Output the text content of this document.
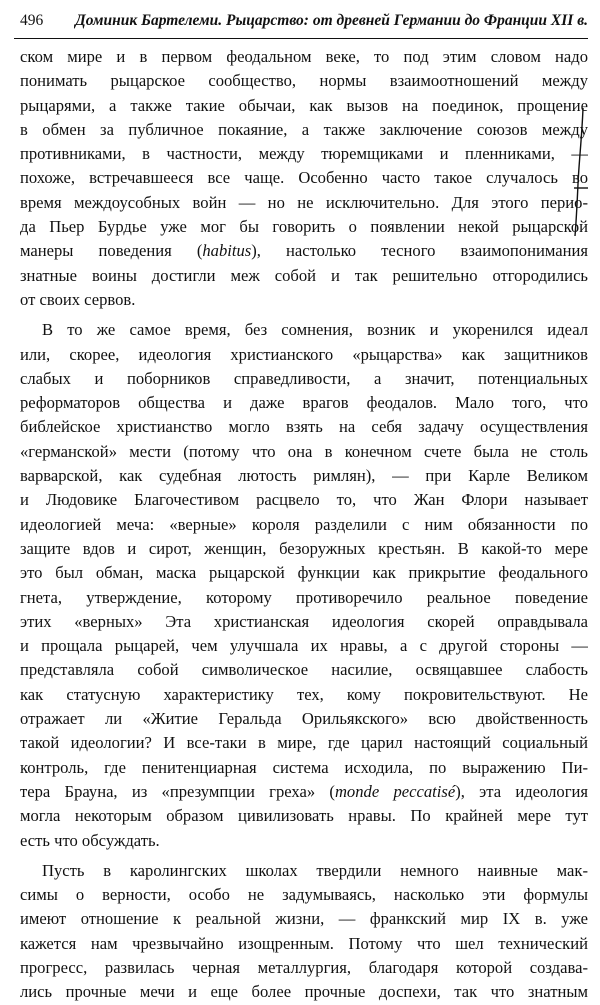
496 Доминик Бартелеми. Рыцарство: от древней Германии до Франции XII в.
ском мире и в первом феодальном веке, то под этим словом надо
понимать рыцарское сообщество, нормы взаимоотношений между
рыцарями, а также такие обычаи, как вызов на поединок, прощение
в обмен за публичное покаяние, а также заключение союзов между
противниками, в частности, между тюремщиками и пленниками, —
похоже, встречавшееся все чаще. Особенно часто такое случалось во
время междоусобных войн — но не исключительно. Для этого перио-
да Пьер Бурдье уже мог бы говорить о появлении некой рыцарской
манеры поведения (habitus), настолько тесного взаимопонимания
знатные воины достигли меж собой и так решительно отгородились
от своих сервов.
В то же самое время, без сомнения, возник и укоренился идеал
или, скорее, идеология христианского «рыцарства» как защитников
слабых и поборников справедливости, а значит, потенциальных
реформаторов общества и даже врагов феодалов. Мало того, что
библейское христианство могло взять на себя задачу осуществления
«германской» мести (потому что она в конечном счете была не столь
варварской, как судебная лютость римлян), — при Карле Великом
и Людовике Благочестивом расцвело то, что Жан Флори называет
идеологией меча: «верные» короля разделили с ним обязанности по
защите вдов и сирот, женщин, безоружных крестьян. В какой-то мере
это был обман, маска рыцарской функции как прикрытие феодального
гнета, утверждение, которому противоречило реальное поведение
этих «верных» Эта христианская идеология скорей оправдывала
и прощала рыцарей, чем улучшала их нравы, а с другой стороны —
представляла собой символическое насилие, освящавшее слабость
как статусную характеристику тех, кому покровительствуют. Не
отражает ли «Житие Геральда Орильякского» всю двойственность
такой идеологии? И все-таки в мире, где царил настоящий социальный
контроль, где пенитенциарная система исходила, по выражению Пи-
тера Брауна, из «презумпции греха» (monde peccatisé), эта идеология
могла некоторым образом цивилизовать нравы. По крайней мере тут
есть что обсуждать.
Пусть в каролингских школах твердили немного наивные мак-
симы о верности, особо не задумываясь, насколько эти формулы
имеют отношение к реальной жизни, — франкский мир IX в. уже
кажется нам чрезвычайно изощренным. Потому что шел технический
прогресс, развилась черная металлургия, благодаря которой создава-
лись прочные мечи и еще более прочные доспехи, так что знатным
